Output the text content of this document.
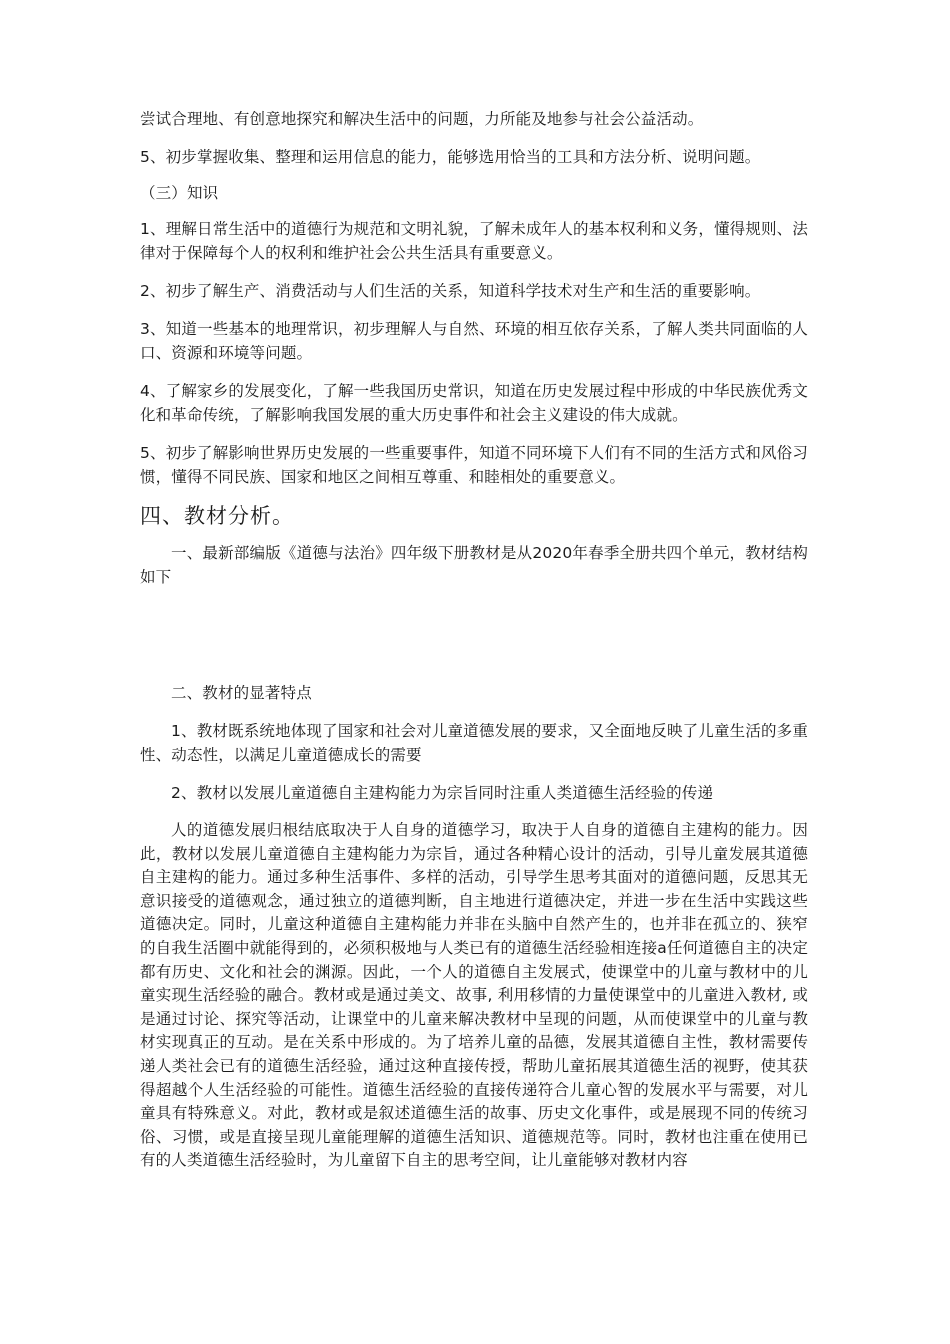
尝试合理地、有创意地探究和解决生活中的问题，力所能及地参与社会公益活动。

5、初步掌握收集、整理和运用信息的能力，能够选用恰当的工具和方法分析、说明问题。

（三）知识

1、理解日常生活中的道德行为规范和文明礼貌，了解未成年人的基本权利和义务，懂得规则、法律对于保障每个人的权利和维护社会公共生活具有重要意义。

2、初步了解生产、消费活动与人们生活的关系，知道科学技术对生产和生活的重要影响。

3、知道一些基本的地理常识，初步理解人与自然、环境的相互依存关系，了解人类共同面临的人口、资源和环境等问题。

4、了解家乡的发展变化，了解一些我国历史常识，知道在历史发展过程中形成的中华民族优秀文化和革命传统，了解影响我国发展的重大历史事件和社会主义建设的伟大成就。

5、初步了解影响世界历史发展的一些重要事件，知道不同环境下人们有不同的生活方式和风俗习惯，懂得不同民族、国家和地区之间相互尊重、和睦相处的重要意义。

四、教材分析。

一、最新部编版《道德与法治》四年级下册教材是从2020年春季全册共四个单元，教材结构如下

二、教材的显著特点

1、教材既系统地体现了国家和社会对儿童道德发展的要求，又全面地反映了儿童生活的多重性、动态性，以满足儿童道德成长的需要

2、教材以发展儿童道德自主建构能力为宗旨同时注重人类道德生活经验的传递

人的道德发展归根结底取决于人自身的道德学习，取决于人自身的道德自主建构的能力。因此，教材以发展儿童道德自主建构能力为宗旨，通过各种精心设计的活动，引导儿童发展其道德自主建构的能力。通过多种生活事件、多样的活动，引导学生思考其面对的道德问题，反思其无意识接受的道德观念，通过独立的道德判断，自主地进行道德决定，并进一步在生活中实践这些道德决定。同时，儿童这种道德自主建构能力并非在头脑中自然产生的，也并非在孤立的、狭窄的自我生活圈中就能得到的，必须积极地与人类已有的道德生活经验相连接a任何道德自主的决定都有历史、文化和社会的渊源。因此，一个人的道德自主发展式，使课堂中的儿童与教材中的儿童实现生活经验的融合。教材或是通过美文、故事, 利用移情的力量使课堂中的儿童进入教材, 或是通过讨论、探究等活动，让课堂中的儿童来解决教材中呈现的问题，从而使课堂中的儿童与教材实现真正的互动。是在关系中形成的。为了培养儿童的品德，发展其道德自主性，教材需要传递人类社会已有的道德生活经验，通过这种直接传授，帮助儿童拓展其道德生活的视野，使其获得超越个人生活经验的可能性。道德生活经验的直接传递符合儿童心智的发展水平与需要，对儿童具有特殊意义。对此，教材或是叙述道德生活的故事、历史文化事件，或是展现不同的传统习俗、习惯，或是直接呈现儿童能理解的道德生活知识、道德规范等。同时，教材也注重在使用已有的人类道德生活经验时，为儿童留下自主的思考空间，让儿童能够对教材内容
